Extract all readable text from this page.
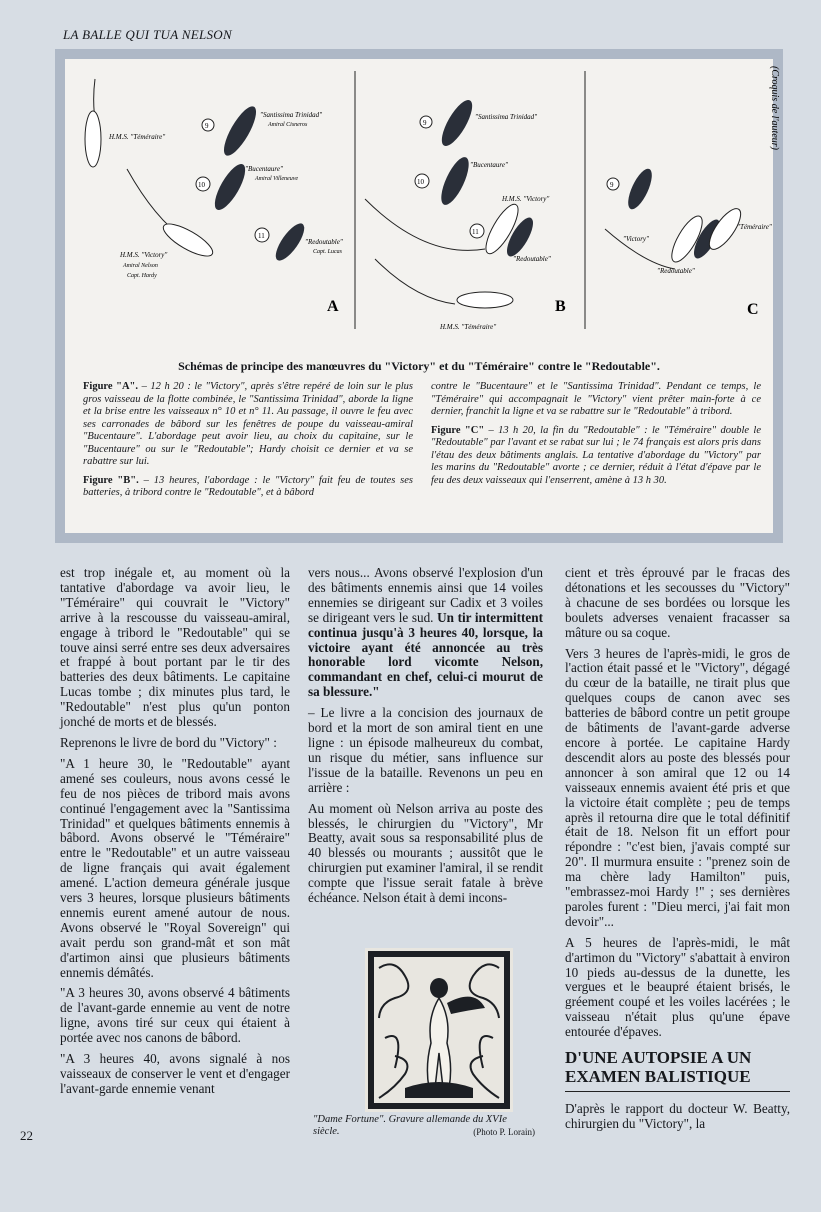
LA BALLE QUI TUA NELSON
H.M.S. "Téméraire"
9
"Santissima Trinidad"
Amiral Cisneros
10
"Bucentaure"
Amiral Villeneuve
11
"Redoutable"
Capt. Lucas
H.M.S. "Victory"
Amiral Nelson
Capt. Hardy
A
9
"Santissima Trinidad"
10
"Bucentaure"
11
H.M.S. "Victory"
"Redoutable"
H.M.S. "Téméraire"
B
9
"Victory"
"Téméraire"
"Redoutable"
C
Schémas de principe des manœuvres du "Victory" et du "Téméraire" contre le "Redoutable".

Figure "A". – 12 h 20 : le "Victory", après s'être repéré de loin sur le plus gros vaisseau de la flotte combinée, le "Santissima Trinidad", aborde la ligne et la brise entre les vaisseaux n° 10 et n° 11. Au passage, il ouvre le feu avec ses carronades de bâbord sur les fenêtres de poupe du vaisseau-amiral "Bucentaure". L'abordage peut avoir lieu, au choix du capitaine, sur le "Bucentaure" ou sur le "Redoutable"; Hardy choisit ce dernier et va se rabattre sur lui.

Figure "B". – 13 heures, l'abordage : le "Victory" fait feu de toutes ses batteries, à tribord contre le "Redoutable", et à bâbord

contre le "Bucentaure" et le "Santissima Trinidad". Pendant ce temps, le "Téméraire" qui accompagnait le "Victory" vient prêter main-forte à ce dernier, franchit la ligne et va se rabattre sur le "Redoutable" à tribord.

Figure "C" – 13 h 20, la fin du "Redoutable" : le "Téméraire" double le "Redoutable" par l'avant et se rabat sur lui ; le 74 français est alors pris dans l'étau des deux bâtiments anglais. La tentative d'abordage du "Victory" par les marins du "Redoutable" avorte ; ce dernier, réduit à l'état d'épave par le feu des deux vaisseaux qui l'enserrent, amène à 13 h 30.

(Croquis de l'auteur)

est trop inégale et, au moment où la tantative d'abordage va avoir lieu, le "Téméraire" qui couvrait le "Victory" arrive à la rescousse du vaisseau-amiral, engage à tribord le "Redoutable" qui se touve ainsi serré entre ses deux adversaires et frappé à bout portant par le tir des batteries des deux bâtiments. Le capitaine Lucas tombe ; dix minutes plus tard, le "Redoutable" n'est plus qu'un ponton jonché de morts et de blessés.

Reprenons le livre de bord du "Victory" :

"A 1 heure 30, le "Redoutable" ayant amené ses couleurs, nous avons cessé le feu de nos pièces de tribord mais avons continué l'engagement avec la "Santissima Trinidad" et quelques bâtiments ennemis à bâbord. Avons observé le "Téméraire" entre le "Redoutable" et un autre vaisseau de ligne français qui avait également amené. L'action demeura générale jusque vers 3 heures, lorsque plusieurs bâtiments ennemis eurent amené autour de nous. Avons observé le "Royal Sovereign" qui avait perdu son grand-mât et son mât d'artimon ainsi que plusieurs bâtiments ennemis démâtés.

"A 3 heures 30, avons observé 4 bâtiments de l'avant-garde ennemie au vent de notre ligne, avons tiré sur ceux qui étaient à portée avec nos canons de bâbord.

"A 3 heures 40, avons signalé à nos vaisseaux de conserver le vent et d'engager l'avant-garde ennemie venant

vers nous... Avons observé l'explosion d'un des bâtiments ennemis ainsi que 14 voiles ennemies se dirigeant sur Cadix et 3 voiles se dirigeant vers le sud. Un tir intermittent continua jusqu'à 3 heures 40, lorsque, la victoire ayant été annoncée au très honorable lord vicomte Nelson, commandant en chef, celui-ci mourut de sa blessure."

– Le livre a la concision des journaux de bord et la mort de son amiral tient en une ligne : un épisode malheureux du combat, un risque du métier, sans influence sur l'issue de la bataille. Revenons un peu en arrière :

Au moment où Nelson arriva au poste des blessés, le chirurgien du "Victory", Mr Beatty, avait sous sa responsabilité plus de 40 blessés ou mourants ; aussitôt que le chirurgien put examiner l'amiral, il se rendit compte que l'issue serait fatale à brève échéance. Nelson était à demi incons-

"Dame Fortune". Gravure allemande du XVIe siècle.	(Photo P. Lorain)

cient et très éprouvé par le fracas des détonations et les secousses du "Victory" à chacune de ses bordées ou lorsque les boulets adverses venaient fracasser sa mâture ou sa coque.

Vers 3 heures de l'après-midi, le gros de l'action était passé et le "Victory", dégagé du cœur de la bataille, ne tirait plus que quelques coups de canon avec ses batteries de bâbord contre un petit groupe de bâtiments de l'avant-garde adverse encore à portée. Le capitaine Hardy descendit alors au poste des blessés pour annoncer à son amiral que 12 ou 14 vaisseaux ennemis avaient été pris et que la victoire était complète ; peu de temps après il retourna dire que le total définitif était de 18. Nelson fit un effort pour répondre : "c'est bien, j'avais compté sur 20". Il murmura ensuite : "prenez soin de ma chère lady Hamilton" puis, "embrassez-moi Hardy !" ; ses dernières paroles furent : "Dieu merci, j'ai fait mon devoir"...

A 5 heures de l'après-midi, le mât d'artimon du "Victory" s'abattait à environ 10 pieds au-dessus de la dunette, les vergues et le beaupré étaient brisés, le gréement coupé et les voiles lacérées ; le vaisseau n'était plus qu'une épave entourée d'épaves.

D'UNE AUTOPSIE A UN EXAMEN BALISTIQUE

D'après le rapport du docteur W. Beatty, chirurgien du "Victory", la

22
